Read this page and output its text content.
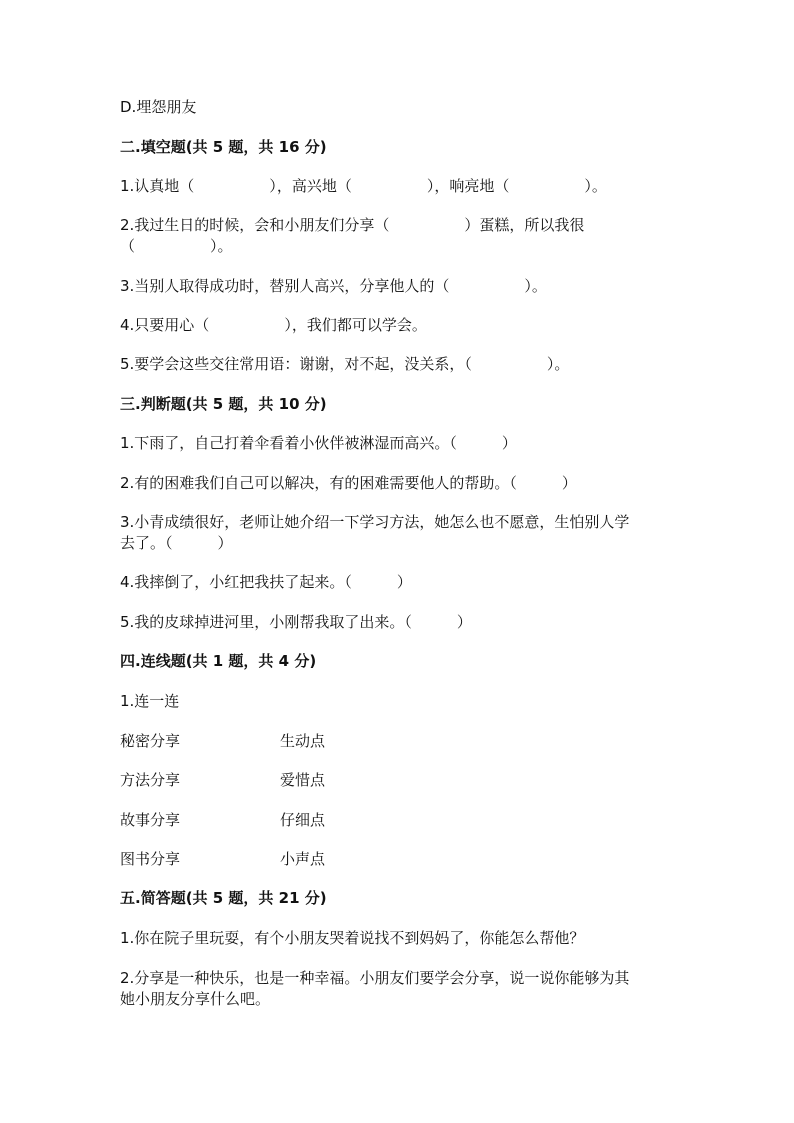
D.埋怨朋友
二.填空题(共 5 题，共 16 分)
1.认真地（　　　　　），高兴地（　　　　　），响亮地（　　　　　）。
2.我过生日的时候，会和小朋友们分享（　　　　　）蛋糕，所以我很
（　　　　　）。
3.当别人取得成功时，替别人高兴，分享他人的（　　　　　）。
4.只要用心（　　　　　），我们都可以学会。
5.要学会这些交往常用语：谢谢，对不起，没关系，（　　　　　）。
三.判断题(共 5 题，共 10 分)
1.下雨了，自己打着伞看着小伙伴被淋湿而高兴。（　　　）
2.有的困难我们自己可以解决，有的困难需要他人的帮助。（　　　）
3.小青成绩很好，老师让她介绍一下学习方法，她怎么也不愿意，生怕别人学
去了。（　　　）
4.我摔倒了，小红把我扶了起来。（　　　）
5.我的皮球掉进河里，小刚帮我取了出来。（　　　）
四.连线题(共 1 题，共 4 分)
1.连一连
秘密分享	生动点
方法分享	爱惜点
故事分享	仔细点
图书分享	小声点
五.简答题(共 5 题，共 21 分)
1.你在院子里玩耍，有个小朋友哭着说找不到妈妈了，你能怎么帮他？
2.分享是一种快乐，也是一种幸福。小朋友们要学会分享，说一说你能够为其
她小朋友分享什么吧。
